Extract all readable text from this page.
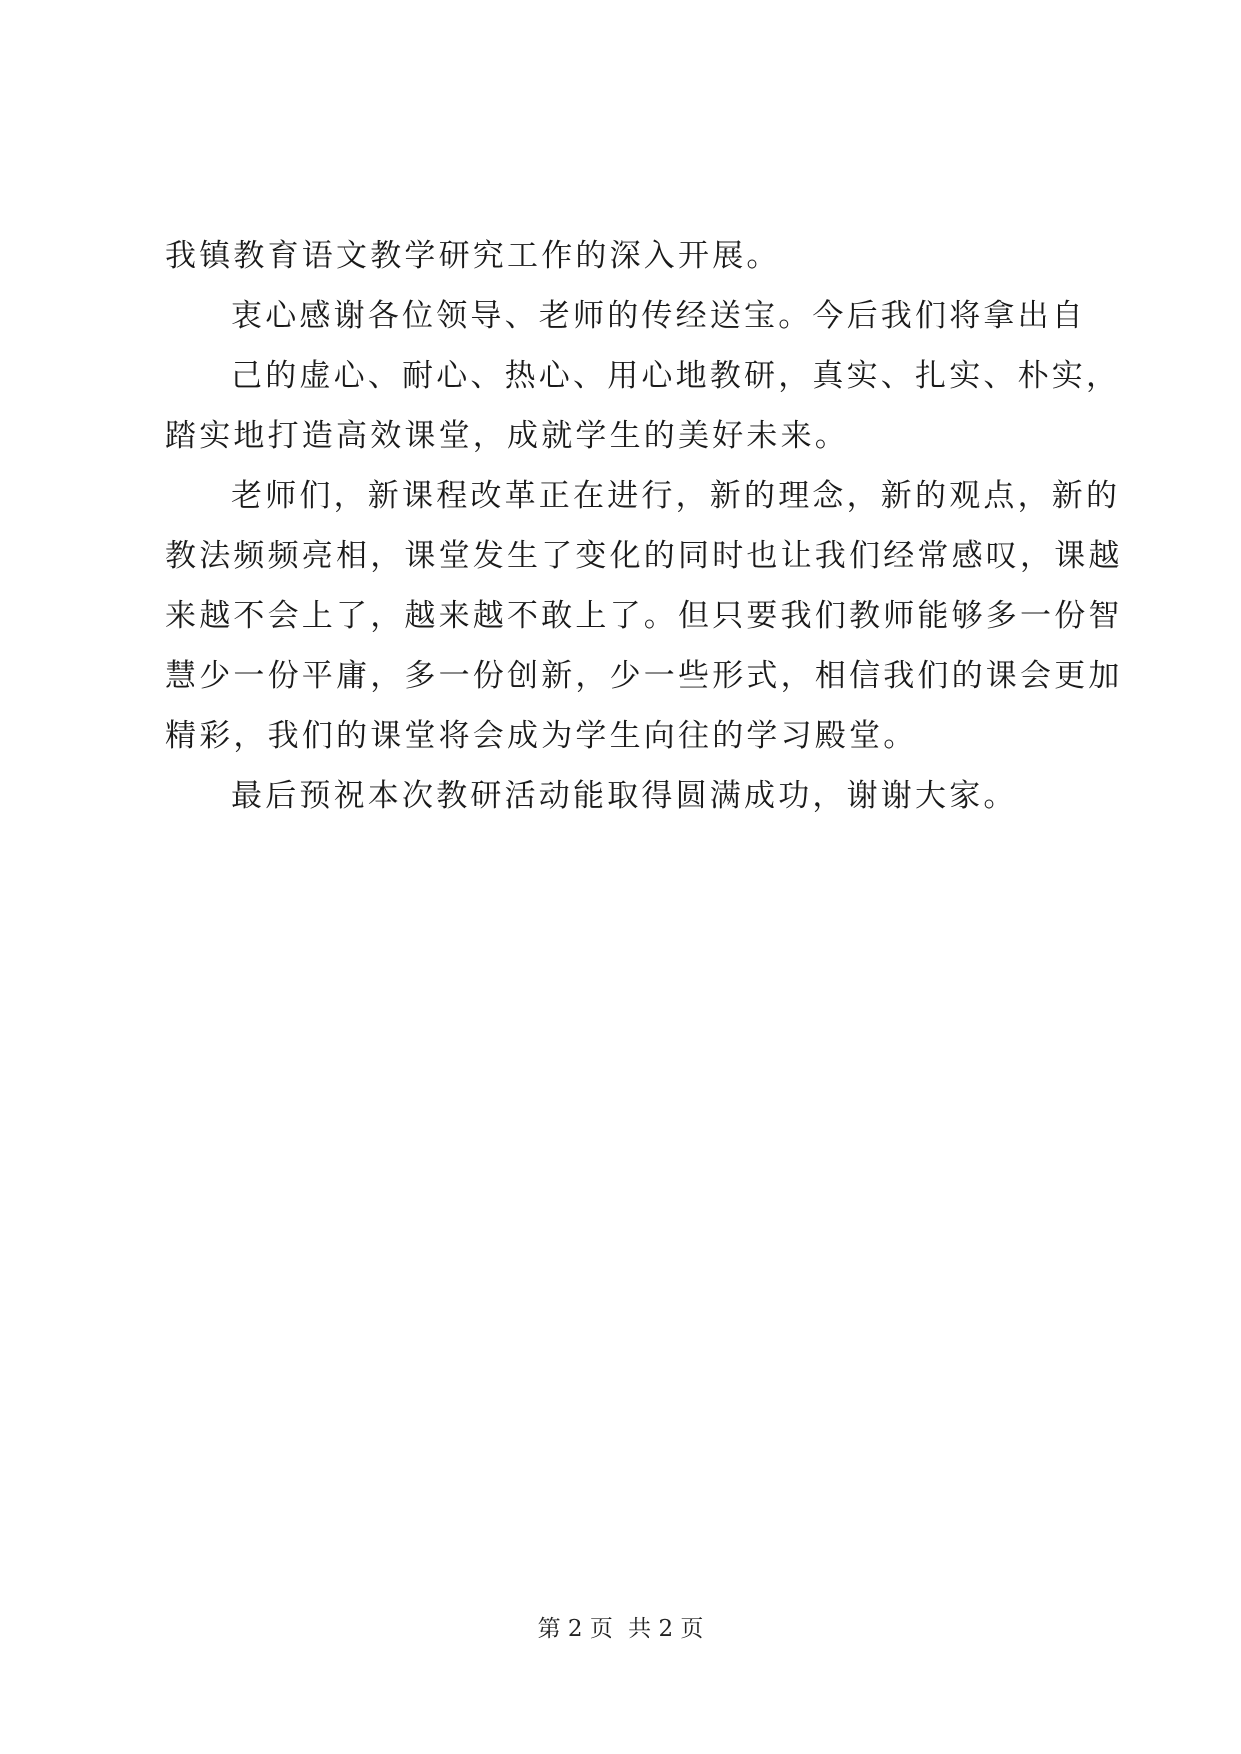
我镇教育语文教学研究工作的深入开展。
衷心感谢各位领导、老师的传经送宝。今后我们将拿出自
己的虚心、耐心、热心、用心地教研，真实、扎实、朴实，
踏实地打造高效课堂，成就学生的美好未来。
老师们，新课程改革正在进行，新的理念，新的观点，新的
教法频频亮相，课堂发生了变化的同时也让我们经常感叹，课越
来越不会上了，越来越不敢上了。但只要我们教师能够多一份智
慧少一份平庸，多一份创新，少一些形式，相信我们的课会更加
精彩，我们的课堂将会成为学生向往的学习殿堂。
最后预祝本次教研活动能取得圆满成功，谢谢大家。
第 2 页 共 2 页
